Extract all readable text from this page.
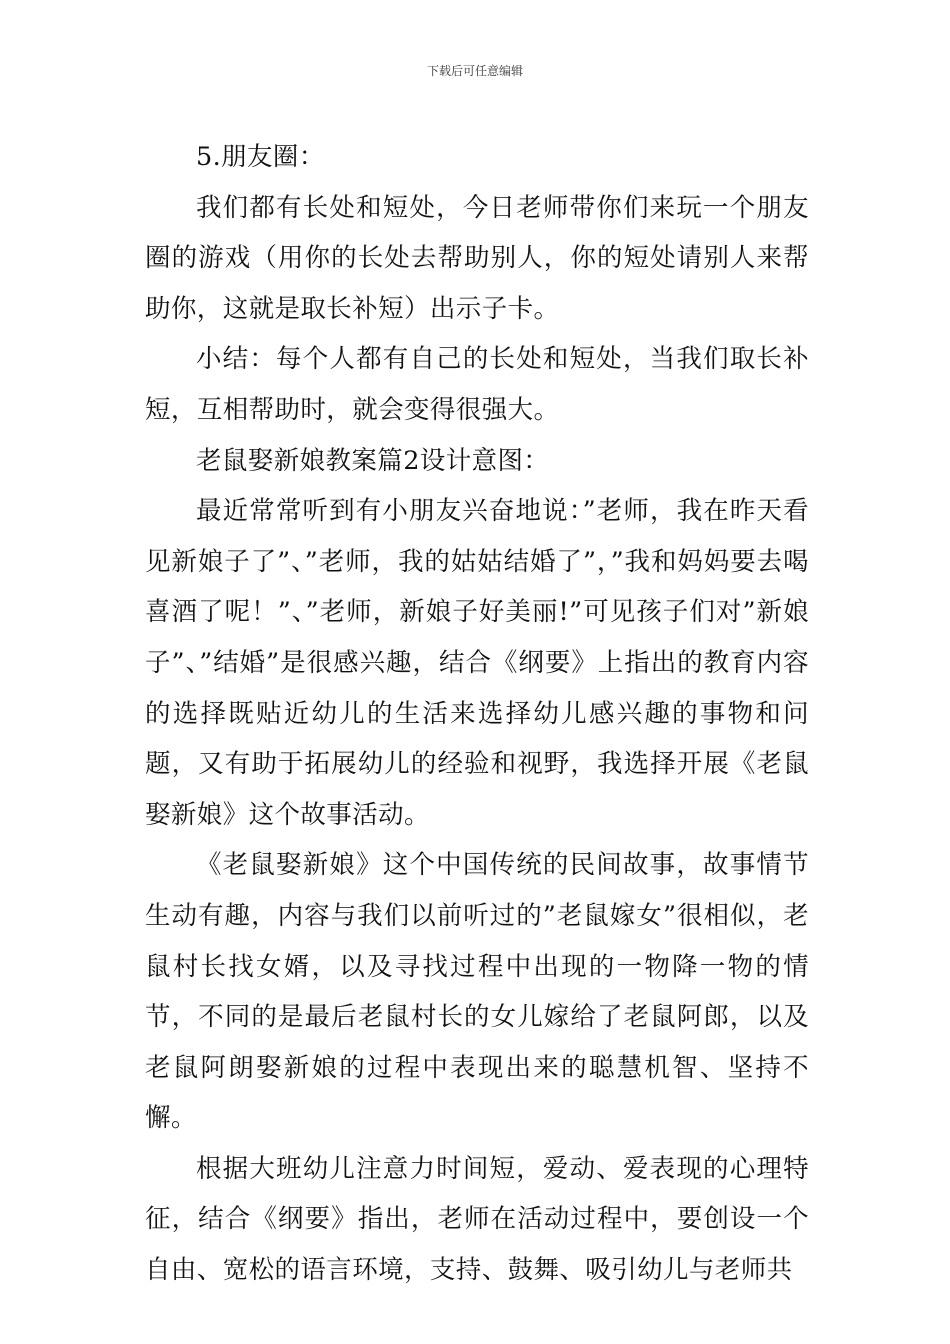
下载后可任意编辑

5.朋友圈：

我们都有长处和短处，今日老师带你们来玩一个朋友圈的游戏（用你的长处去帮助别人，你的短处请别人来帮助你，这就是取长补短）出示子卡。

小结：每个人都有自己的长处和短处，当我们取长补短，互相帮助时，就会变得很强大。

老鼠娶新娘教案篇2设计意图：

最近常常听到有小朋友兴奋地说：”老师，我在昨天看见新娘子了”、”老师，我的姑姑结婚了”，”我和妈妈要去喝喜酒了呢！”、”老师，新娘子好美丽!”可见孩子们对”新娘子”、”结婚”是很感兴趣，结合《纲要》上指出的教育内容的选择既贴近幼儿的生活来选择幼儿感兴趣的事物和问题，又有助于拓展幼儿的经验和视野，我选择开展《老鼠娶新娘》这个故事活动。

《老鼠娶新娘》这个中国传统的民间故事，故事情节生动有趣，内容与我们以前听过的”老鼠嫁女”很相似，老鼠村长找女婿，以及寻找过程中出现的一物降一物的情节，不同的是最后老鼠村长的女儿嫁给了老鼠阿郎，以及老鼠阿朗娶新娘的过程中表现出来的聪慧机智、坚持不懈。

根据大班幼儿注意力时间短，爱动、爱表现的心理特征，结合《纲要》指出，老师在活动过程中，要创设一个自由、宽松的语言环境，支持、鼓舞、吸引幼儿与老师共
